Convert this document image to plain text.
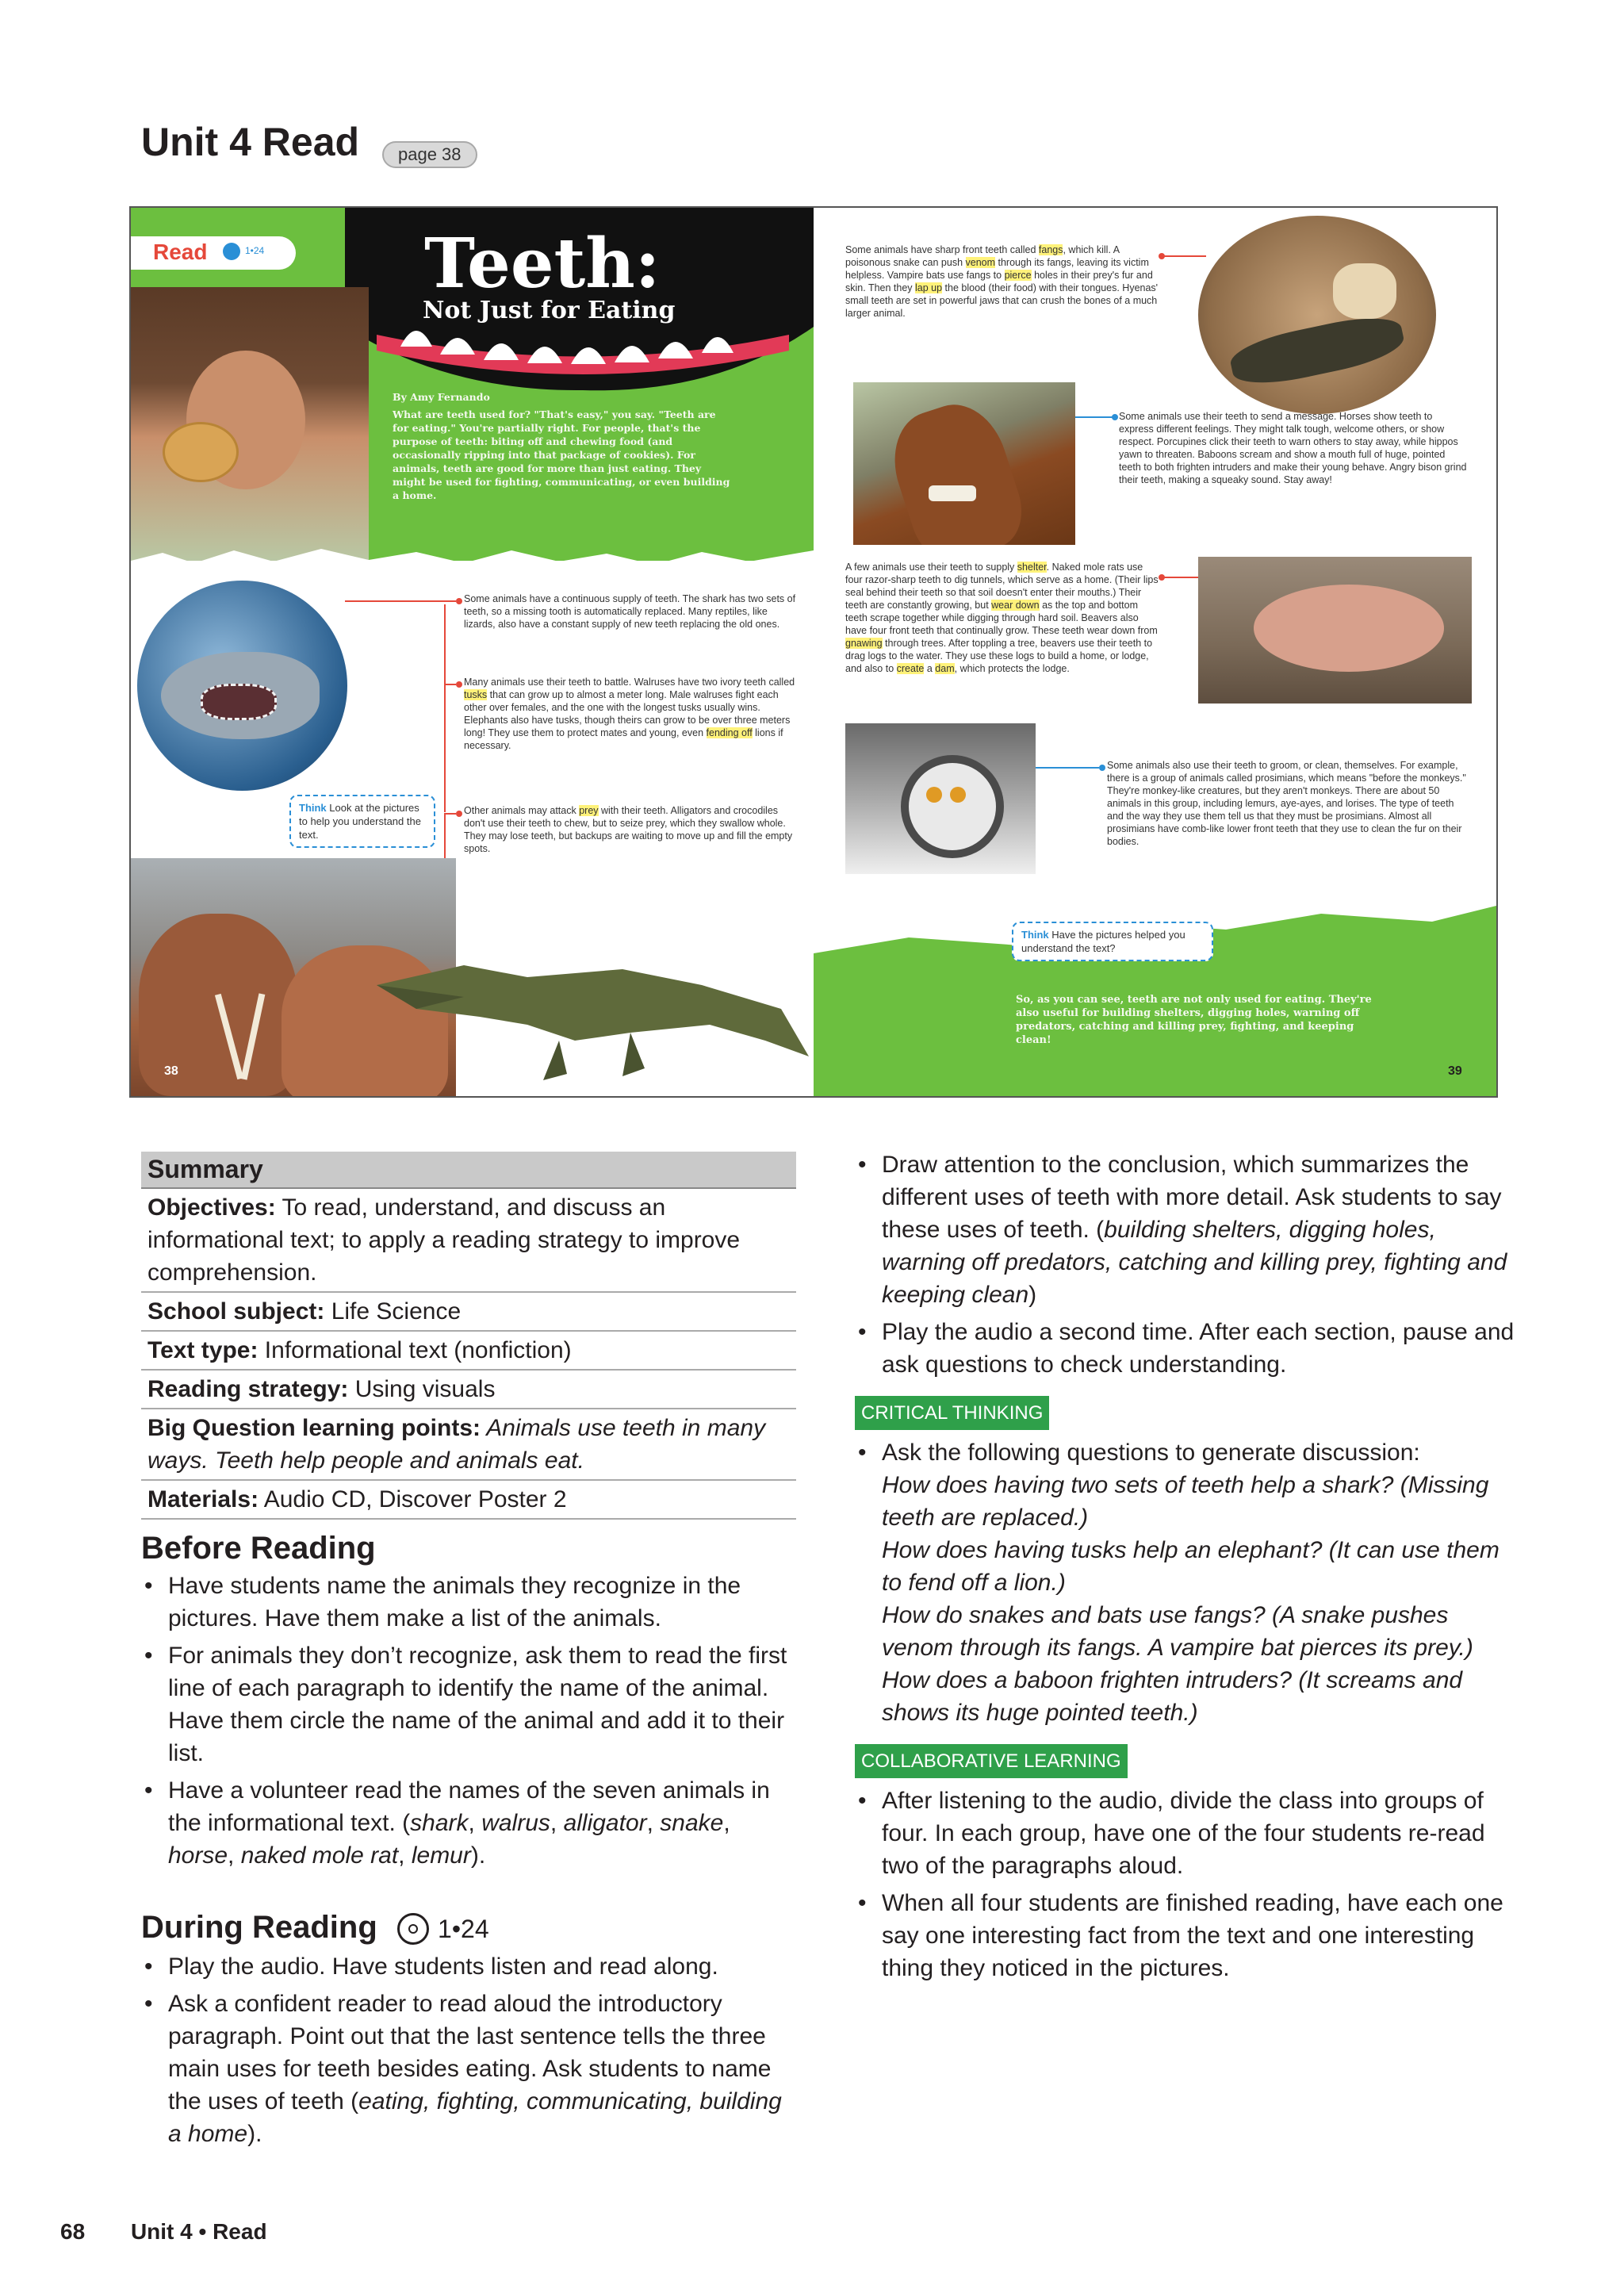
Unit 4 Read	page 38
Read	1•24 Teeth:
Not Just for Eating
By Amy Fernando
What are teeth used for? "That's easy," you say. "Teeth are for eating." You're partially right. For people, that's the purpose of teeth: biting off and chewing food (and occasionally ripping into that package of cookies). For animals, teeth are good for more than just eating. They might be used for fighting, communicating, or even building a home.
Some animals have a continuous supply of teeth. The shark has two sets of teeth, so a missing tooth is automatically replaced. Many reptiles, like lizards, also have a constant supply of new teeth replacing the old ones.
Many animals use their teeth to battle. Walruses have two ivory teeth called tusks that can grow up to almost a meter long. Male walruses fight each other over females, and the one with the longest tusks usually wins. Elephants also have tusks, though theirs can grow to be over three meters long! They use them to protect mates and young, even fending off lions if necessary.
Other animals may attack prey with their teeth. Alligators and crocodiles don't use their teeth to chew, but to seize prey, which they swallow whole. They may lose teeth, but backups are waiting to move up and fill the empty spots.
Think Look at the pictures to help you understand the text.
38
Some animals have sharp front teeth called fangs, which kill. A poisonous snake can push venom through its fangs, leaving its victim helpless. Vampire bats use fangs to pierce holes in their prey's fur and skin. Then they lap up the blood (their food) with their tongues. Hyenas' small teeth are set in powerful jaws that can crush the bones of a much larger animal.
Some animals use their teeth to send a message. Horses show teeth to express different feelings. They might talk tough, welcome others, or show respect. Porcupines click their teeth to warn others to stay away, while hippos yawn to threaten. Baboons scream and show a mouth full of huge, pointed teeth to both frighten intruders and make their young behave. Angry bison grind their teeth, making a squeaky sound. Stay away!
A few animals use their teeth to supply shelter. Naked mole rats use four razor-sharp teeth to dig tunnels, which serve as a home. (Their lips seal behind their teeth so that soil doesn't enter their mouths.) Their teeth are constantly growing, but wear down as the top and bottom teeth scrape together while digging through hard soil. Beavers also have four front teeth that continually grow. These teeth wear down from gnawing through trees. After toppling a tree, beavers use their teeth to drag logs to the water. They use these logs to build a home, or lodge, and also to create a dam, which protects the lodge.
Some animals also use their teeth to groom, or clean, themselves. For example, there is a group of animals called prosimians, which means "before the monkeys." They're monkey-like creatures, but they aren't monkeys. There are about 50 animals in this group, including lemurs, aye-ayes, and lorises. The type of teeth and the way they use them tell us that they must be prosimians. Almost all prosimians have comb-like lower front teeth that they use to clean the fur on their bodies.
Think Have the pictures helped you understand the text?
So, as you can see, teeth are not only used for eating. They're also useful for building shelters, digging holes, warning off predators, catching and killing prey, fighting, and keeping clean!
39
Summary
Objectives: To read, understand, and discuss an informational text; to apply a reading strategy to improve comprehension.
School subject: Life Science
Text type: Informational text (nonfiction)
Reading strategy: Using visuals
Big Question learning points: Animals use teeth in many ways. Teeth help people and animals eat.
Materials: Audio CD, Discover Poster 2
Before Reading
• Have students name the animals they recognize in the pictures. Have them make a list of the animals.
• For animals they don’t recognize, ask them to read the first line of each paragraph to identify the name of the animal. Have them circle the name of the animal and add it to their list.
• Have a volunteer read the names of the seven animals in the informational text. (shark, walrus, alligator, snake, horse, naked mole rat, lemur).
During Reading 1•24
• Play the audio. Have students listen and read along.
• Ask a confident reader to read aloud the introductory paragraph. Point out that the last sentence tells the three main uses for teeth besides eating. Ask students to name the uses of teeth (eating, fighting, communicating, building a home).
• Draw attention to the conclusion, which summarizes the different uses of teeth with more detail. Ask students to say these uses of teeth. (building shelters, digging holes, warning off predators, catching and killing prey, fighting and keeping clean)
• Play the audio a second time. After each section, pause and ask questions to check understanding.
CRITICAL THINKING
• Ask the following questions to generate discussion:
How does having two sets of teeth help a shark? (Missing teeth are replaced.)
How does having tusks help an elephant? (It can use them to fend off a lion.)
How do snakes and bats use fangs? (A snake pushes venom through its fangs. A vampire bat pierces its prey.)
How does a baboon frighten intruders? (It screams and shows its huge pointed teeth.)
COLLABORATIVE LEARNING
• After listening to the audio, divide the class into groups of four. In each group, have one of the four students re-read two of the paragraphs aloud.
• When all four students are finished reading, have each one say one interesting fact from the text and one interesting thing they noticed in the pictures.
68 Unit 4 • Read
